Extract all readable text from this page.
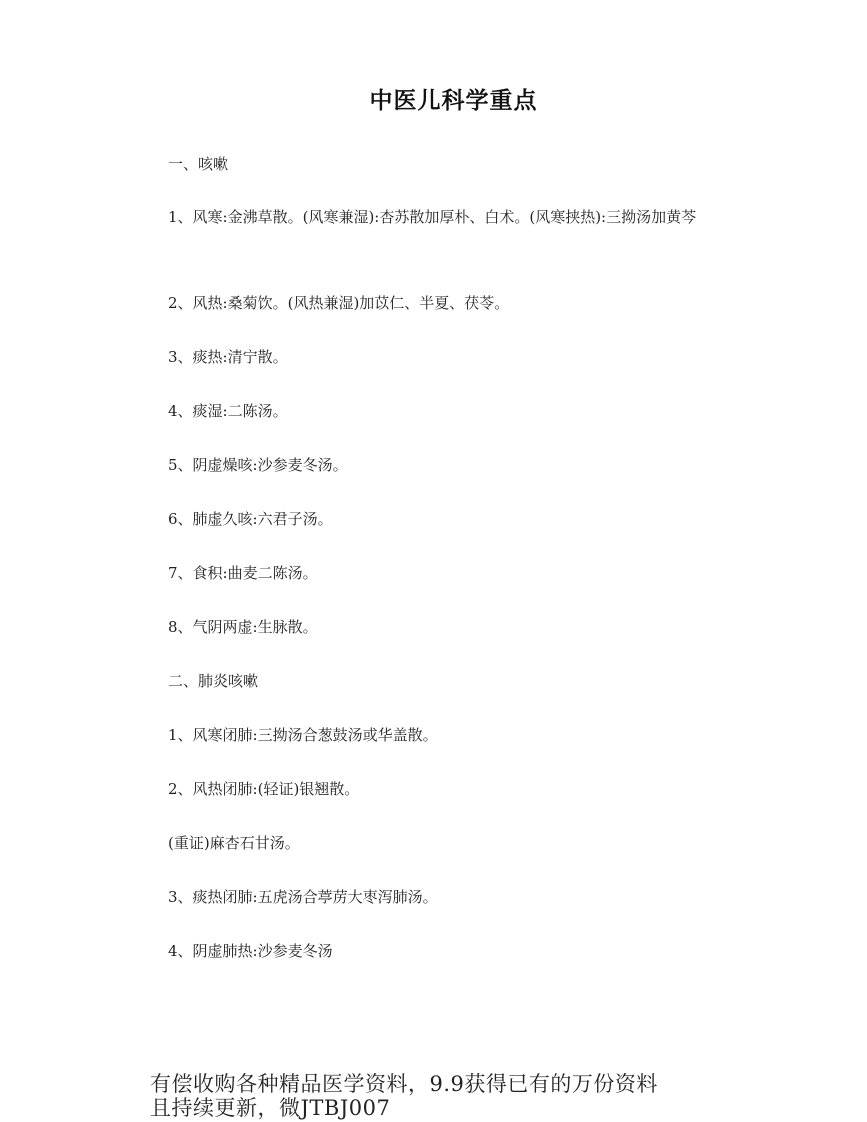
中医儿科学重点
一、咳嗽
1、风寒:金沸草散。(风寒兼湿):杏苏散加厚朴、白术。(风寒挟热):三拗汤加黄芩
2、风热:桑菊饮。(风热兼湿)加苡仁、半夏、茯苓。
3、痰热:清宁散。
4、痰湿:二陈汤。
5、阴虚燥咳:沙参麦冬汤。
6、肺虚久咳:六君子汤。
7、食积:曲麦二陈汤。
8、气阴两虚:生脉散。
二、肺炎咳嗽
1、风寒闭肺:三拗汤合葱鼓汤或华盖散。
2、风热闭肺:(轻证)银翘散。
(重证)麻杏石甘汤。
3、痰热闭肺:五虎汤合葶苈大枣泻肺汤。
4、阴虚肺热:沙参麦冬汤
有偿收购各种精品医学资料，9.9获得已有的万份资料
且持续更新，微JTBJ007
